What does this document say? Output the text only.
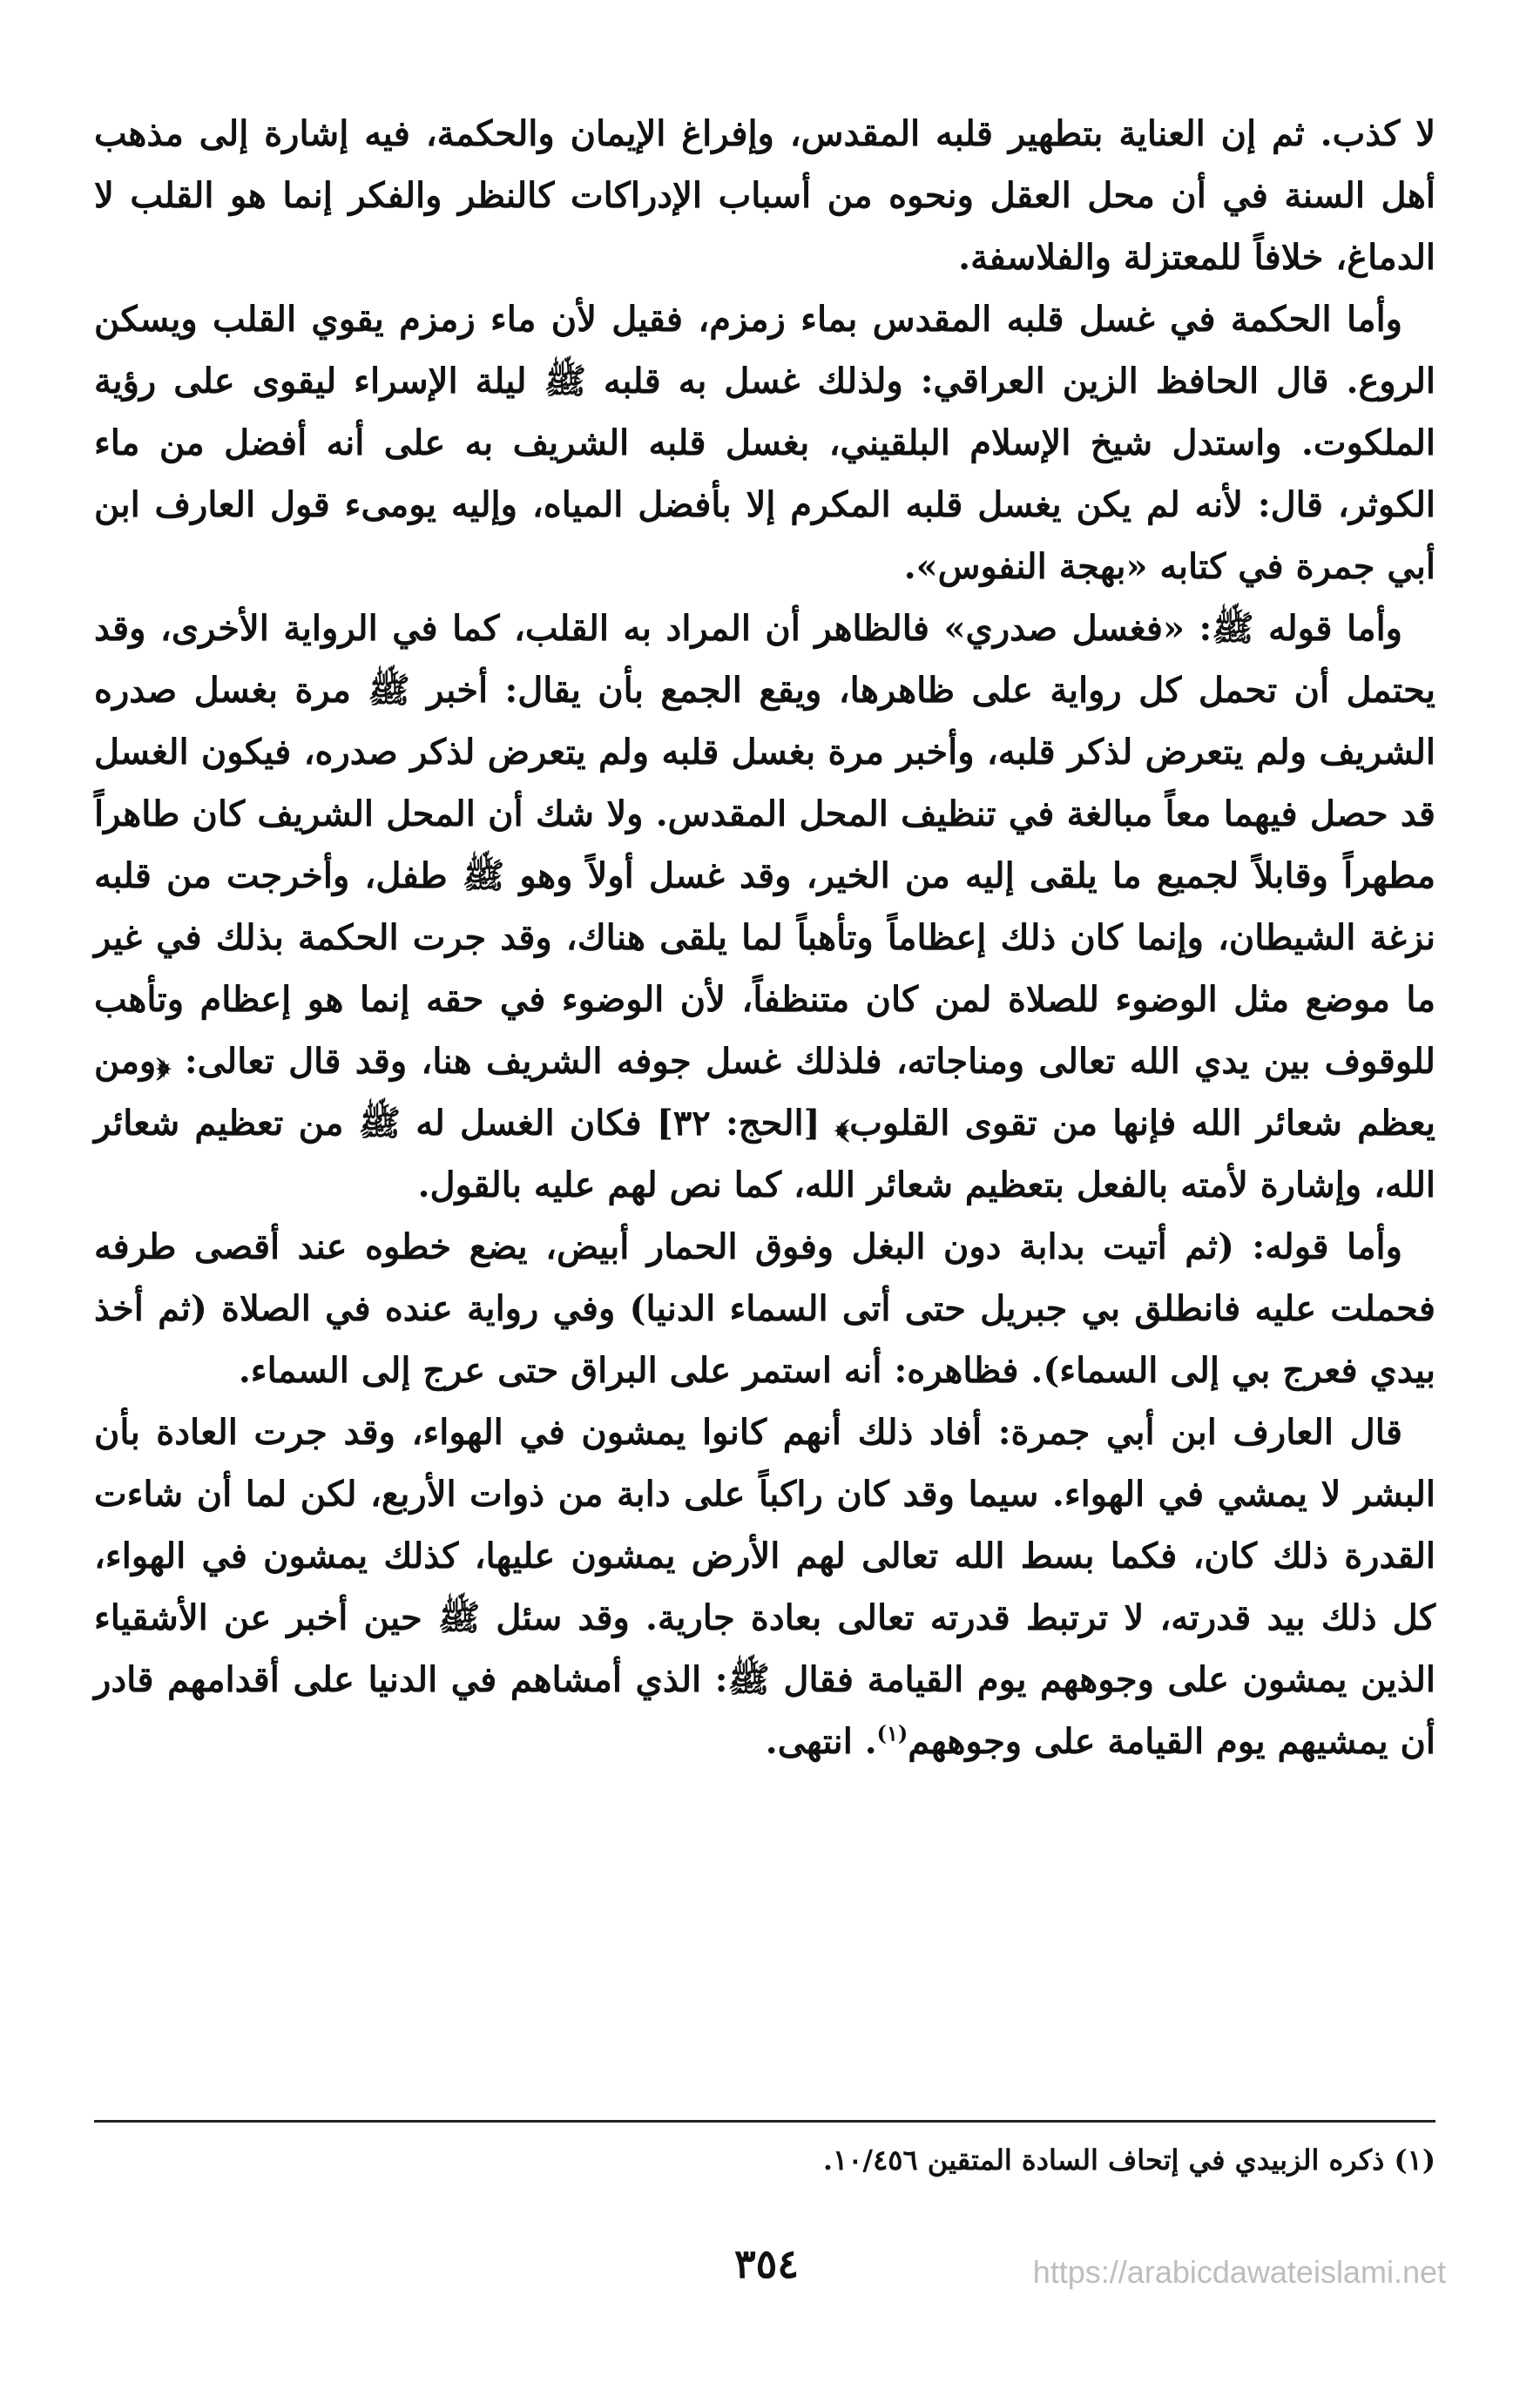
لا كذب. ثم إن العناية بتطهير قلبه المقدس، وإفراغ الإيمان والحكمة، فيه إشارة إلى مذهب أهل السنة في أن محل العقل ونحوه من أسباب الإدراكات كالنظر والفكر إنما هو القلب لا الدماغ، خلافاً للمعتزلة والفلاسفة.

وأما الحكمة في غسل قلبه المقدس بماء زمزم، فقيل لأن ماء زمزم يقوي القلب ويسكن الروع. قال الحافظ الزين العراقي: ولذلك غسل به قلبه ﷺ ليلة الإسراء ليقوى على رؤية الملكوت. واستدل شيخ الإسلام البلقيني، بغسل قلبه الشريف به على أنه أفضل من ماء الكوثر، قال: لأنه لم يكن يغسل قلبه المكرم إلا بأفضل المياه، وإليه يومىء قول العارف ابن أبي جمرة في كتابه «بهجة النفوس».

وأما قوله ﷺ: «فغسل صدري» فالظاهر أن المراد به القلب، كما في الرواية الأخرى، وقد يحتمل أن تحمل كل رواية على ظاهرها، ويقع الجمع بأن يقال: أخبر ﷺ مرة بغسل صدره الشريف ولم يتعرض لذكر قلبه، وأخبر مرة بغسل قلبه ولم يتعرض لذكر صدره، فيكون الغسل قد حصل فيهما معاً مبالغة في تنظيف المحل المقدس. ولا شك أن المحل الشريف كان طاهراً مطهراً وقابلاً لجميع ما يلقى إليه من الخير، وقد غسل أولاً وهو ﷺ طفل، وأخرجت من قلبه نزغة الشيطان، وإنما كان ذلك إعظاماً وتأهباً لما يلقى هناك، وقد جرت الحكمة بذلك في غير ما موضع مثل الوضوء للصلاة لمن كان متنظفاً، لأن الوضوء في حقه إنما هو إعظام وتأهب للوقوف بين يدي الله تعالى ومناجاته، فلذلك غسل جوفه الشريف هنا، وقد قال تعالى: ﴿ومن يعظم شعائر الله فإنها من تقوى القلوب﴾ [الحج: ٣٢] فكان الغسل له ﷺ من تعظيم شعائر الله، وإشارة لأمته بالفعل بتعظيم شعائر الله، كما نص لهم عليه بالقول.

وأما قوله: (ثم أتيت بدابة دون البغل وفوق الحمار أبيض، يضع خطوه عند أقصى طرفه فحملت عليه فانطلق بي جبريل حتى أتى السماء الدنيا) وفي رواية عنده في الصلاة (ثم أخذ بيدي فعرج بي إلى السماء). فظاهره: أنه استمر على البراق حتى عرج إلى السماء.

قال العارف ابن أبي جمرة: أفاد ذلك أنهم كانوا يمشون في الهواء، وقد جرت العادة بأن البشر لا يمشي في الهواء. سيما وقد كان راكباً على دابة من ذوات الأربع، لكن لما أن شاءت القدرة ذلك كان، فكما بسط الله تعالى لهم الأرض يمشون عليها، كذلك يمشون في الهواء، كل ذلك بيد قدرته، لا ترتبط قدرته تعالى بعادة جارية. وقد سئل ﷺ حين أخبر عن الأشقياء الذين يمشون على وجوههم يوم القيامة فقال ﷺ: الذي أمشاهم في الدنيا على أقدامهم قادر أن يمشيهم يوم القيامة على وجوههم$^{(١)}$. انتهى.

(١) ذكره الزبيدي في إتحاف السادة المتقين ١٠/٤٥٦.
٣٥٤	https://arabicdawateislami.net
